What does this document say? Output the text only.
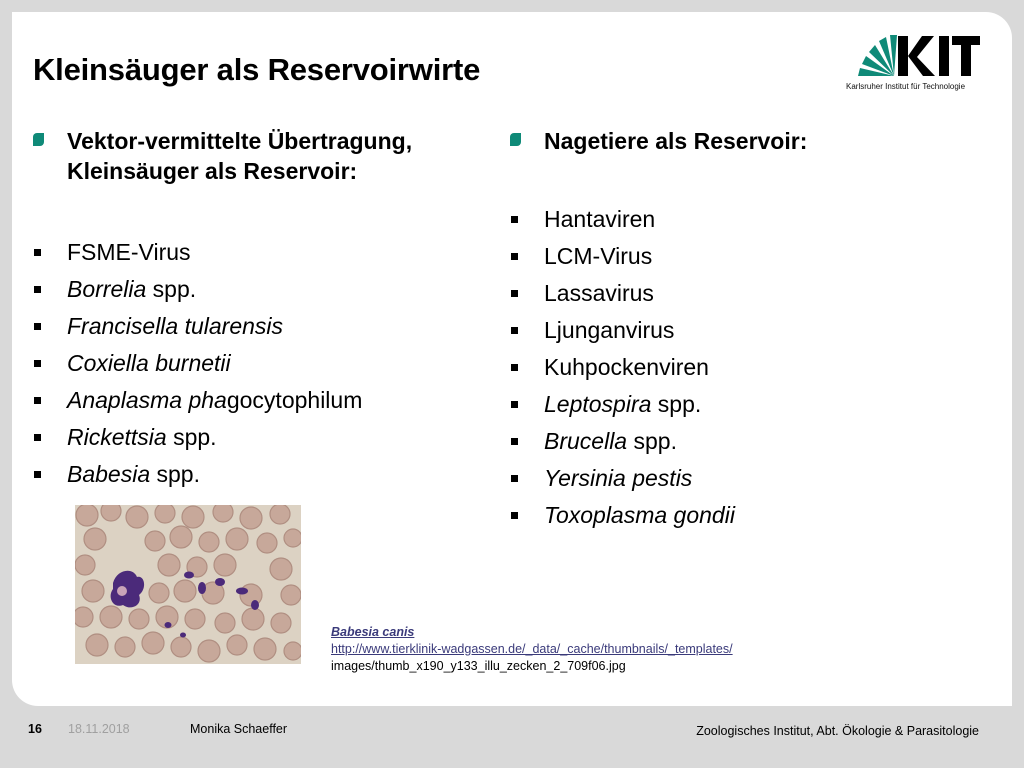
Kleinsäuger als Reservoirwirte	Karlsruher Institut für Technologie
Vektor-vermittelte Übertragung,
Kleinsäuger als Reservoir:
FSME-Virus
Borrelia spp.
Francisella tularensis
Coxiella burnetii
Anaplasma phagocytophilum
Rickettsia spp.
Babesia spp.
Nagetiere als Reservoir:
Hantaviren
LCM-Virus
Lassavirus
Ljunganvirus
Kuhpockenviren
Leptospira spp.
Brucella spp.
Yersinia pestis
Toxoplasma gondii
Babesia canis
http://www.tierklinik-wadgassen.de/_data/_cache/thumbnails/_templates/
images/thumb_x190_y133_illu_zecken_2_709f06.jpg
16 18.11.2018	Monika Schaeffer	Zoologisches Institut, Abt. Ökologie & Parasitologie
